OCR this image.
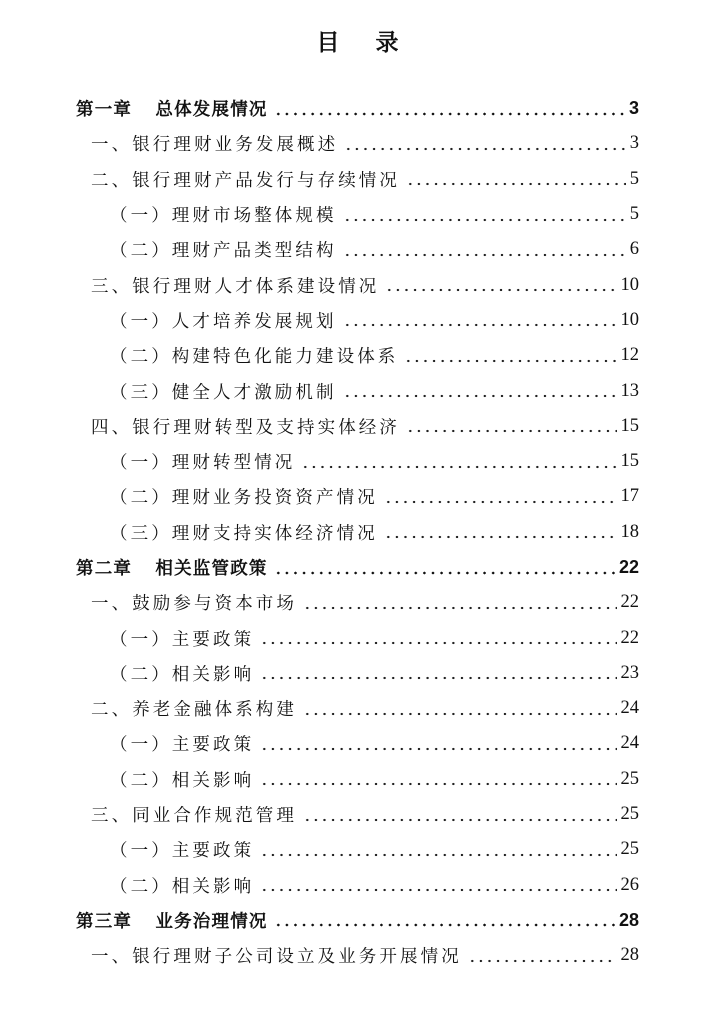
目 录
第一章 总体发展情况	3
一、银行理财业务发展概述	3
二、银行理财产品发行与存续情况	5
（一）理财市场整体规模	5
（二）理财产品类型结构	6
三、银行理财人才体系建设情况	10
（一）人才培养发展规划	10
（二）构建特色化能力建设体系	12
（三）健全人才激励机制	13
四、银行理财转型及支持实体经济	15
（一）理财转型情况	15
（二）理财业务投资资产情况	17
（三）理财支持实体经济情况	18
第二章 相关监管政策	22
一、鼓励参与资本市场	22
（一）主要政策	22
（二）相关影响	23
二、养老金融体系构建	24
（一）主要政策	24
（二）相关影响	25
三、同业合作规范管理	25
（一）主要政策	25
（二）相关影响	26
第三章 业务治理情况	28
一、银行理财子公司设立及业务开展情况	28
